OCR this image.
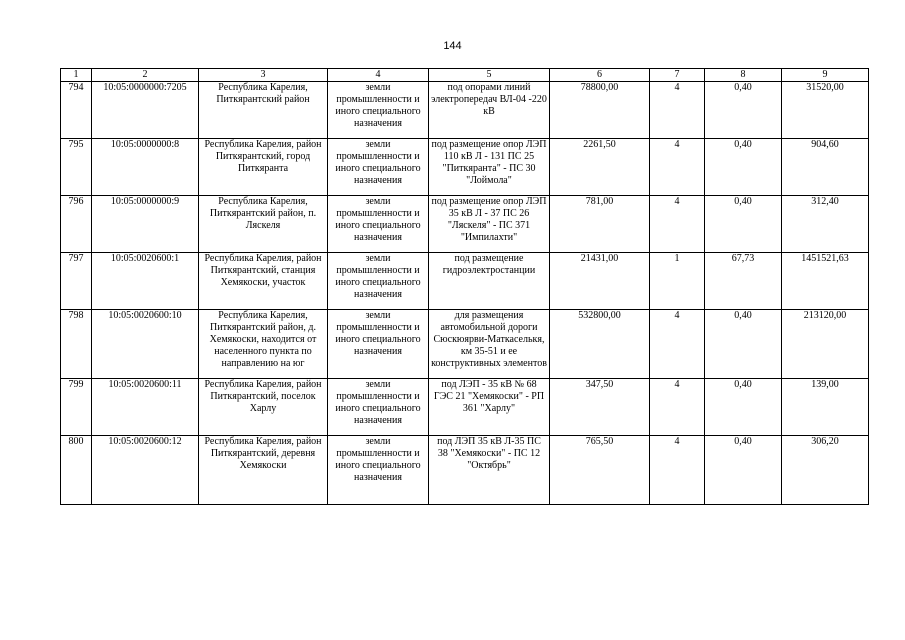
144
1	2	3	4	5	6	7	8	9
794	10:05:0000000:7205	Республика Карелия, Питкярантский район	земли промышленности и иного специального назначения	под опорами линий электропередач ВЛ-04 -220 кВ	78800,00	4	0,40	31520,00
795	10:05:0000000:8	Республика Карелия, район Питкярантский, город Питкяранта	земли промышленности и иного специального назначения	под размещение опор ЛЭП 110 кВ Л - 131 ПС 25 "Питкяранта" - ПС 30 "Лоймола"	2261,50	4	0,40	904,60
796	10:05:0000000:9	Республика Карелия, Питкярантский район, п. Ляскеля	земли промышленности и иного специального назначения	под размещение опор ЛЭП 35 кВ Л - 37 ПС 26 "Ляскеля" - ПС 371 "Импилахти"	781,00	4	0,40	312,40
797	10:05:0020600:1	Республика Карелия, район Питкярантский, станция Хемякоски, участок	земли промышленности и иного специального назначения	под размещение гидроэлектростанции	21431,00	1	67,73	1451521,63
798	10:05:0020600:10	Республика Карелия, Питкярантский район, д. Хемякоски, находится от населенного пункта по направлению на юг	земли промышленности и иного специального назначения	для размещения автомобильной дороги Сюскюярви-Маткаселькя, км 35-51 и ее конструктивных элементов	532800,00	4	0,40	213120,00
799	10:05:0020600:11	Республика Карелия, район Питкярантский, поселок Харлу	земли промышленности и иного специального назначения	под ЛЭП - 35 кВ № 68 ГЭС 21 "Хемякоски" - РП 361 "Харлу"	347,50	4	0,40	139,00
800	10:05:0020600:12	Республика Карелия, район Питкярантский, деревня Хемякоски	земли промышленности и иного специального назначения	под ЛЭП 35 кВ Л-35 ПС 38 "Хемякоски" - ПС 12 "Октябрь"	765,50	4	0,40	306,20
